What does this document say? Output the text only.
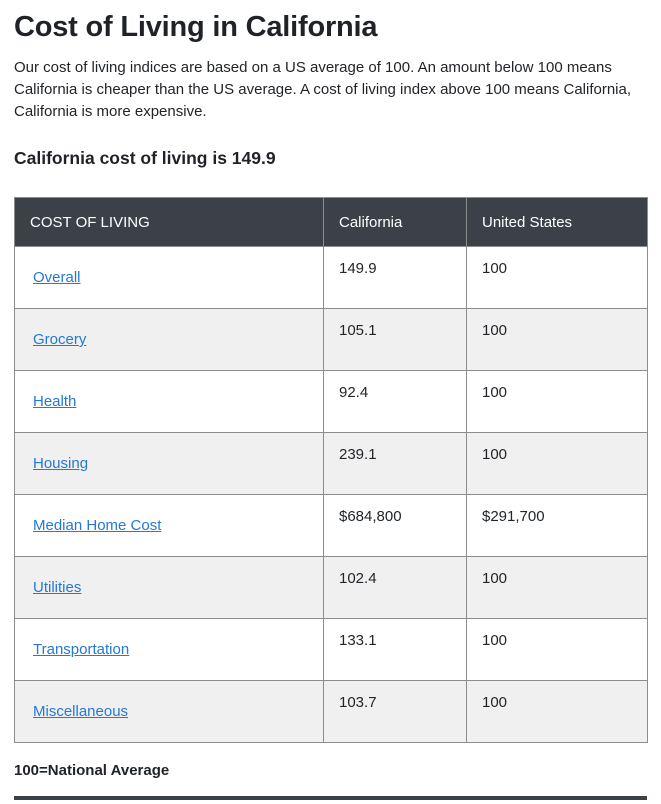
Cost of Living in California

Our cost of living indices are based on a US average of 100. An amount below 100 means California is cheaper than the US average. A cost of living index above 100 means California, California is more expensive.

California cost of living is 149.9
COST OF LIVING	California	United States
Overall	149.9	100
Grocery	105.1	100
Health	92.4	100
Housing	239.1	100
Median Home Cost	$684,800	$291,700
Utilities	102.4	100
Transportation	133.1	100
Miscellaneous	103.7	100

100=National Average
